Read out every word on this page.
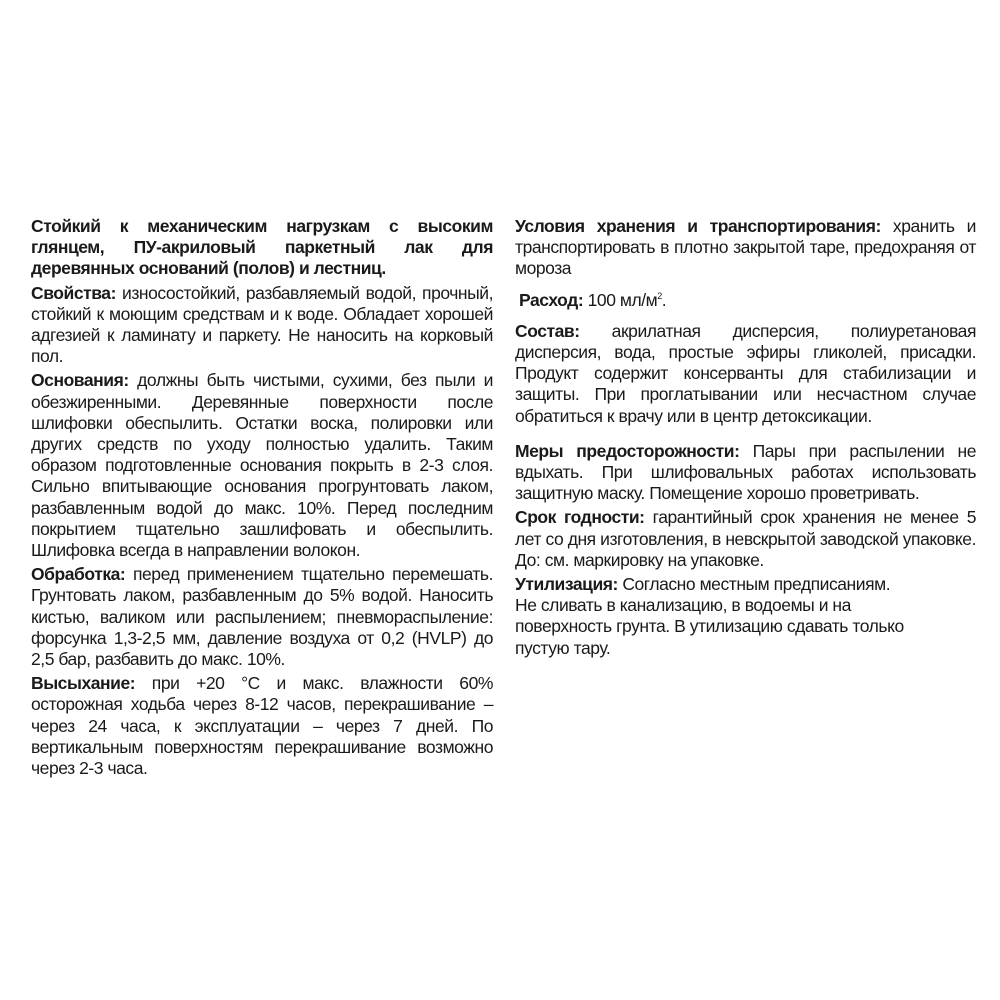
Стойкий к механическим нагрузкам с высоким глянцем, ПУ-акриловый паркетный лак для деревянных оснований (полов) и лестниц.

Свойства: износостойкий, разбавляемый водой, прочный, стойкий к моющим средствам и к воде. Обладает хорошей адгезией к ламинату и паркету. Не наносить на корковый пол.

Основания: должны быть чистыми, сухими, без пыли и обезжиренными. Деревянные поверхности после шлифовки обеспылить. Остатки воска, полировки или других средств по уходу полностью удалить. Таким образом подготовленные основания покрыть в 2-3 слоя. Сильно впитывающие основания прогрунтовать лаком, разбавленным водой до макс. 10%. Перед последним покрытием тщательно зашлифовать и обеспылить. Шлифовка всегда в направлении волокон.

Обработка: перед применением тщательно перемешать. Грунтовать лаком, разбавленным до 5% водой. Наносить кистью, валиком или распылением; пневмораспыление: форсунка 1,3-2,5 мм, давление воздуха от 0,2 (HVLP) до 2,5 бар, разбавить до макс. 10%.

Высыхание: при +20 °С и макс. влажности 60% осторожная ходьба через 8-12 часов, перекрашивание – через 24 часа, к эксплуатации – через 7 дней. По вертикальным поверхностям перекрашивание возможно через 2-3 часа.

Условия хранения и транспортирования: хранить и транспортировать в плотно закрытой таре, предохраняя от мороза

Расход: 100 $мл/м^2$.

Состав: акрилатная дисперсия, полиуретановая дисперсия, вода, простые эфиры гликолей, присадки. Продукт содержит консерванты для стабилизации и защиты. При проглатывании или несчастном случае обратиться к врачу или в центр детоксикации.

Меры предосторожности: Пары при распылении не вдыхать. При шлифовальных работах использовать защитную маску. Помещение хорошо проветривать.

Срок годности: гарантийный срок хранения не менее 5 лет со дня изготовления, в невскрытой заводской упаковке. До: см. маркировку на упаковке.

Утилизация: Согласно местным предписаниям. Не сливать в канализацию, в водоемы и на поверхность грунта. В утилизацию сдавать только пустую тару.
